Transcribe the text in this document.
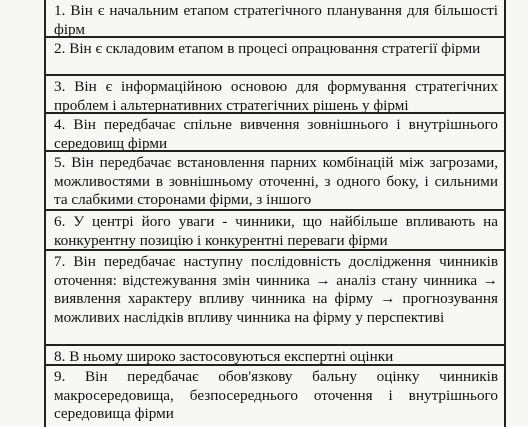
1. Він є начальним етапом стратегічного планування для більшості фірм
2. Він є складовим етапом в процесі опрацювання стратегії фірми
3. Він є інформаційною основою для формування стратегічних проблем і альтернативних стратегічних рішень у фірмі
4. Він передбачає спільне вивчення зовнішнього і внутрішнього середовищ фірми
5. Він передбачає встановлення парних комбінацій між загрозами, можливостями в зовнішньому оточенні, з одного боку, і сильними та слабкими сторонами фірми, з іншого
6. У центрі його уваги - чинники, що найбільше впливають на конкурентну позицію і конкурентні переваги фірми
7. Він передбачає наступну послідовність дослідження чинників оточення: відстежування змін чинника → аналіз стану чинника → виявлення характеру впливу чинника на фірму → прогнозування можливих наслідків впливу чинника на фірму у перспективі
8. В ньому широко застосовуються експертні оцінки
9. Він передбачає обов'язкову бальну оцінку чинників макросередовища, безпосереднього оточення і внутрішнього середовища фірми
